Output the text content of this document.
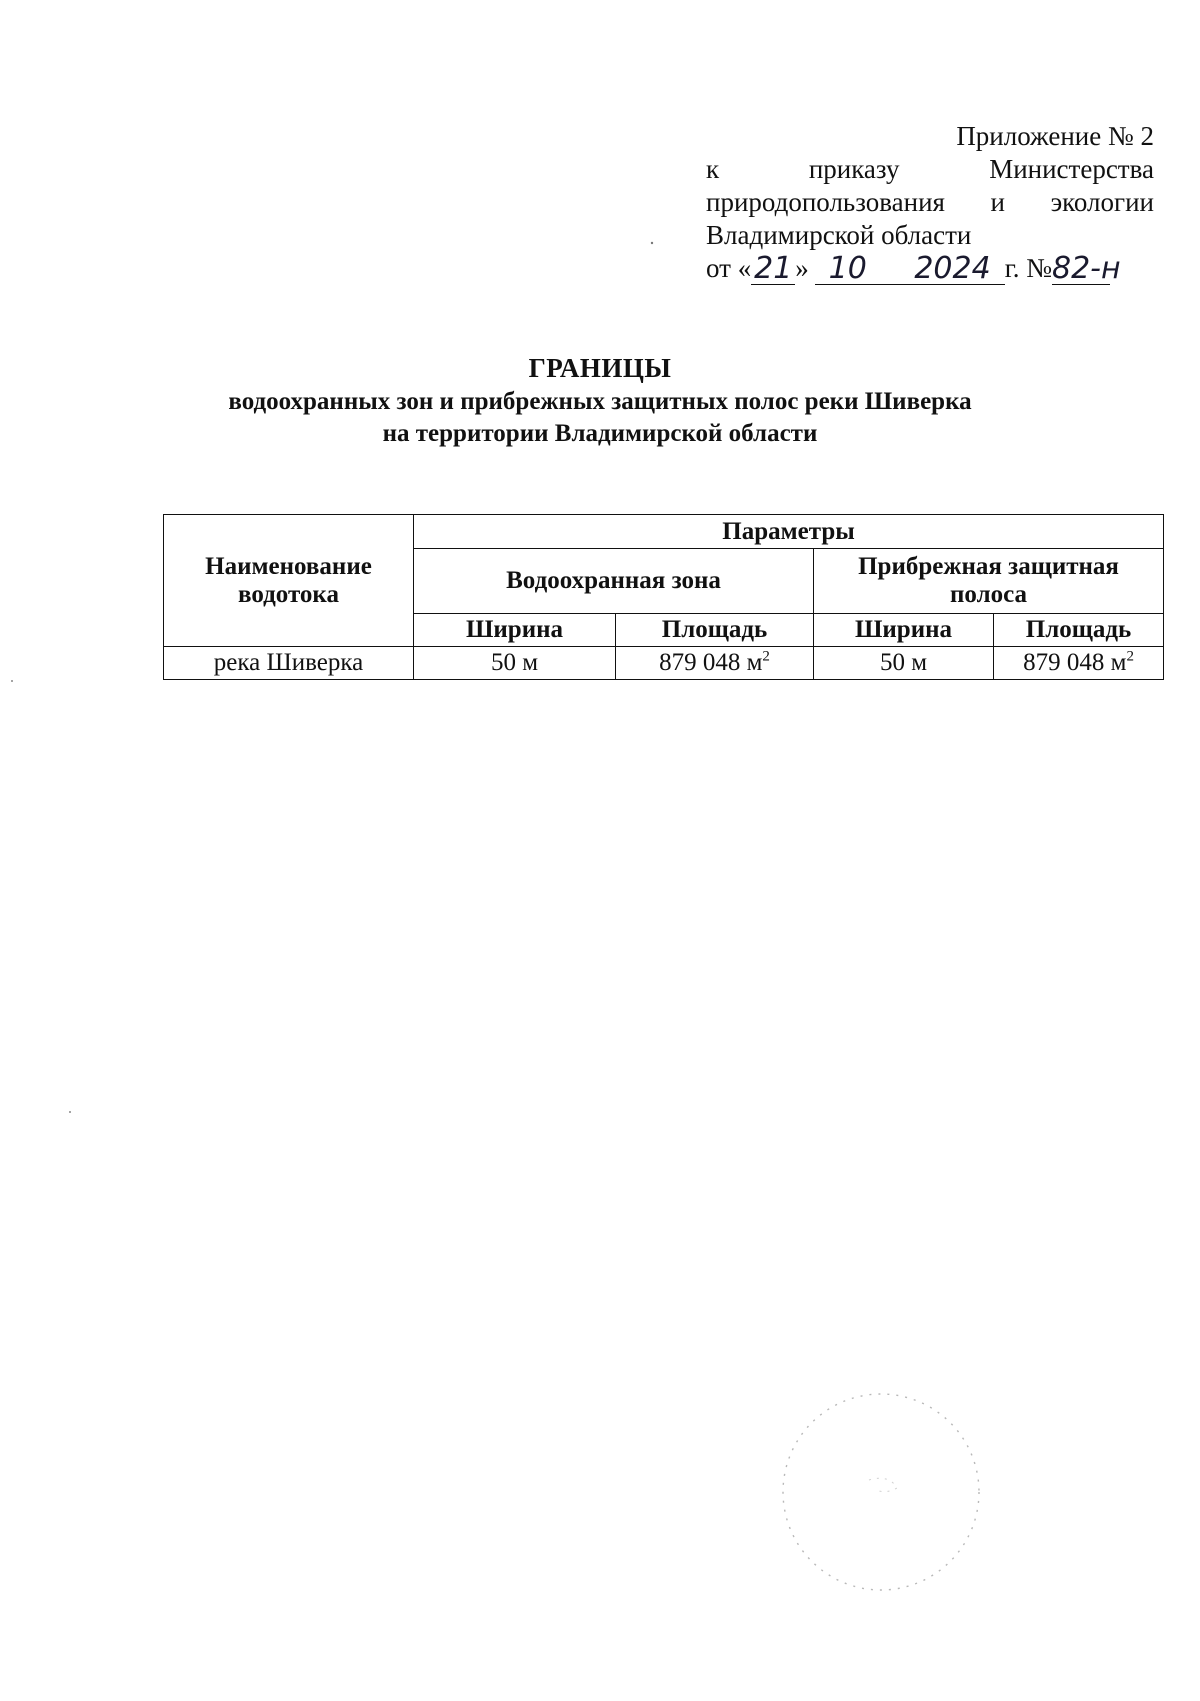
Приложение № 2
к	приказу	Министерства
природопользования и экологии
Владимирской области
от « 21 » 10	2024 г. № 82-н
ГРАНИЦЫ
водоохранных зон и прибрежных защитных полос реки Шиверка
на территории Владимирской области
Наименование водотока	Параметры			
	Водоохранная зона		Прибрежная защитная полоса	
	Ширина	Площадь	Ширина	Площадь
река Шиверка	50 м	879 048 $м^2$	50 м	879 048 $м^2$
